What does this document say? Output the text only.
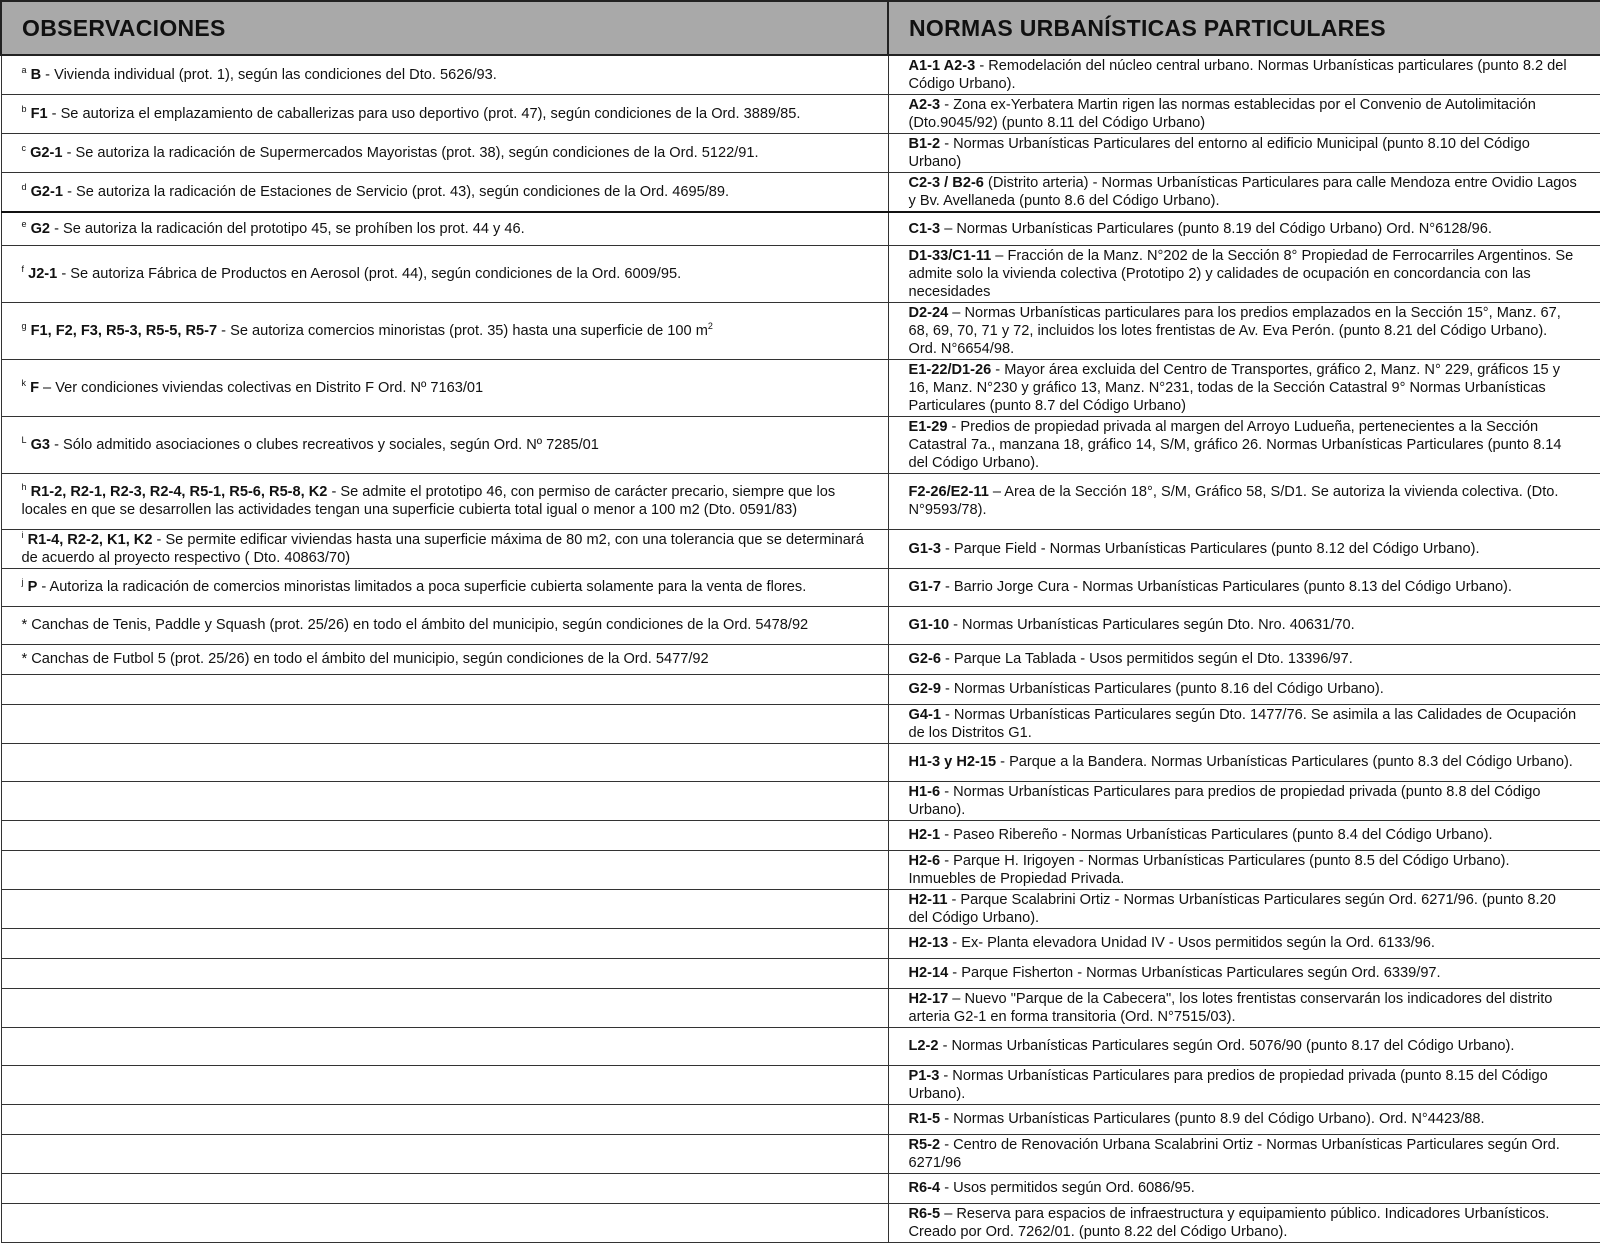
OBSERVACIONES	NORMAS URBANÍSTICAS PARTICULARES
$^a$ B - Vivienda individual (prot. 1), según las condiciones del Dto. 5626/93.	A1-1 A2-3 - Remodelación del núcleo central urbano. Normas Urbanísticas particulares (punto 8.2 del Código Urbano).
$^b$ F1 - Se autoriza el emplazamiento de caballerizas para uso deportivo (prot. 47), según condiciones de la Ord. 3889/85.	A2-3 - Zona ex-Yerbatera Martin rigen las normas establecidas por el Convenio de Autolimitación (Dto.9045/92) (punto 8.11 del Código Urbano)
$^c$ G2-1 - Se autoriza la radicación de Supermercados Mayoristas (prot. 38), según condiciones de la Ord. 5122/91.	B1-2 - Normas Urbanísticas Particulares del entorno al edificio Municipal (punto 8.10 del Código Urbano)
$^d$ G2-1 - Se autoriza la radicación de Estaciones de Servicio (prot. 43), según condiciones de la Ord. 4695/89.	C2-3 / B2-6 (Distrito arteria) - Normas Urbanísticas Particulares para calle Mendoza entre Ovidio Lagos y Bv. Avellaneda (punto 8.6 del Código Urbano).
$^e$ G2 - Se autoriza la radicación del prototipo 45, se prohíben los prot. 44 y 46.	C1-3 – Normas Urbanísticas Particulares (punto 8.19 del Código Urbano) Ord. N°6128/96.
$^f$ J2-1 - Se autoriza Fábrica de Productos en Aerosol (prot. 44), según condiciones de la Ord. 6009/95.	D1-33/C1-11 – Fracción de la Manz. N°202 de la Sección 8° Propiedad de Ferrocarriles Argentinos. Se admite solo la vivienda colectiva (Prototipo 2) y calidades de ocupación en concordancia con las necesidades
$^g$ F1, F2, F3, R5-3, R5-5, R5-7 - Se autoriza comercios minoristas (prot. 35) hasta una superficie de 100 $m^2$	D2-24 – Normas Urbanísticas particulares para los predios emplazados en la Sección 15°, Manz. 67, 68, 69, 70, 71 y 72, incluidos los lotes frentistas de Av. Eva Perón. (punto 8.21 del Código Urbano). Ord. N°6654/98.
$^k$ F – Ver condiciones viviendas colectivas en Distrito F Ord. Nº 7163/01	E1-22/D1-26 - Mayor área excluida del Centro de Transportes, gráfico 2, Manz. N° 229, gráficos 15 y 16, Manz. N°230 y gráfico 13, Manz. N°231, todas de la Sección Catastral 9° Normas Urbanísticas Particulares (punto 8.7 del Código Urbano)
$^L$ G3 - Sólo admitido asociaciones o clubes recreativos y sociales, según Ord. Nº 7285/01	E1-29 - Predios de propiedad privada al margen del Arroyo Ludueña, pertenecientes a la Sección Catastral 7a., manzana 18, gráfico 14, S/M, gráfico 26. Normas Urbanísticas Particulares (punto 8.14 del Código Urbano).
$^h$ R1-2, R2-1, R2-3, R2-4, R5-1, R5-6, R5-8, K2 - Se admite el prototipo 46, con permiso de carácter precario, siempre que los locales en que se desarrollen las actividades tengan una superficie cubierta total igual o menor a 100 m2 (Dto. 0591/83)	F2-26/E2-11 – Area de la Sección 18°, S/M, Gráfico 58, S/D1. Se autoriza la vivienda colectiva. (Dto. N°9593/78).
$^i$ R1-4, R2-2, K1, K2 - Se permite edificar viviendas hasta una superficie máxima de 80 m2, con una tolerancia que se determinará de acuerdo al proyecto respectivo ( Dto. 40863/70)	G1-3 - Parque Field - Normas Urbanísticas Particulares (punto 8.12 del Código Urbano).
$^j$ P - Autoriza la radicación de comercios minoristas limitados a poca superficie cubierta solamente para la venta de flores.	G1-7 - Barrio Jorge Cura - Normas Urbanísticas Particulares (punto 8.13 del Código Urbano).
* Canchas de Tenis, Paddle y Squash (prot. 25/26) en todo el ámbito del municipio, según condiciones de la Ord. 5478/92	G1-10 - Normas Urbanísticas Particulares según Dto. Nro. 40631/70.
* Canchas de Futbol 5 (prot. 25/26) en todo el ámbito del municipio, según condiciones de la Ord. 5477/92	G2-6 - Parque La Tablada - Usos permitidos según el Dto. 13396/97.
	G2-9 - Normas Urbanísticas Particulares (punto 8.16 del Código Urbano).
	G4-1 - Normas Urbanísticas Particulares según Dto. 1477/76. Se asimila a las Calidades de Ocupación de los Distritos G1.
	H1-3 y H2-15 - Parque a la Bandera. Normas Urbanísticas Particulares (punto 8.3 del Código Urbano).
	H1-6 - Normas Urbanísticas Particulares para predios de propiedad privada (punto 8.8 del Código Urbano).
	H2-1 - Paseo Ribereño - Normas Urbanísticas Particulares (punto 8.4 del Código Urbano).
	H2-6 - Parque H. Irigoyen - Normas Urbanísticas Particulares (punto 8.5 del Código Urbano). Inmuebles de Propiedad Privada.
	H2-11 - Parque Scalabrini Ortiz - Normas Urbanísticas Particulares según Ord. 6271/96. (punto 8.20 del Código Urbano).
	H2-13 - Ex- Planta elevadora Unidad IV - Usos permitidos según la Ord. 6133/96.
	H2-14 - Parque Fisherton - Normas Urbanísticas Particulares según Ord. 6339/97.
	H2-17 – Nuevo "Parque de la Cabecera", los lotes frentistas conservarán los indicadores del distrito arteria G2-1 en forma transitoria (Ord. N°7515/03).
	L2-2 - Normas Urbanísticas Particulares según Ord. 5076/90 (punto 8.17 del Código Urbano).
	P1-3 - Normas Urbanísticas Particulares para predios de propiedad privada (punto 8.15 del Código Urbano).
	R1-5 - Normas Urbanísticas Particulares (punto 8.9 del Código Urbano). Ord. N°4423/88.
	R5-2 - Centro de Renovación Urbana Scalabrini Ortiz - Normas Urbanísticas Particulares según Ord. 6271/96
	R6-4 - Usos permitidos según Ord. 6086/95.
	R6-5 – Reserva para espacios de infraestructura y equipamiento público. Indicadores Urbanísticos. Creado por Ord. 7262/01. (punto 8.22 del Código Urbano).
